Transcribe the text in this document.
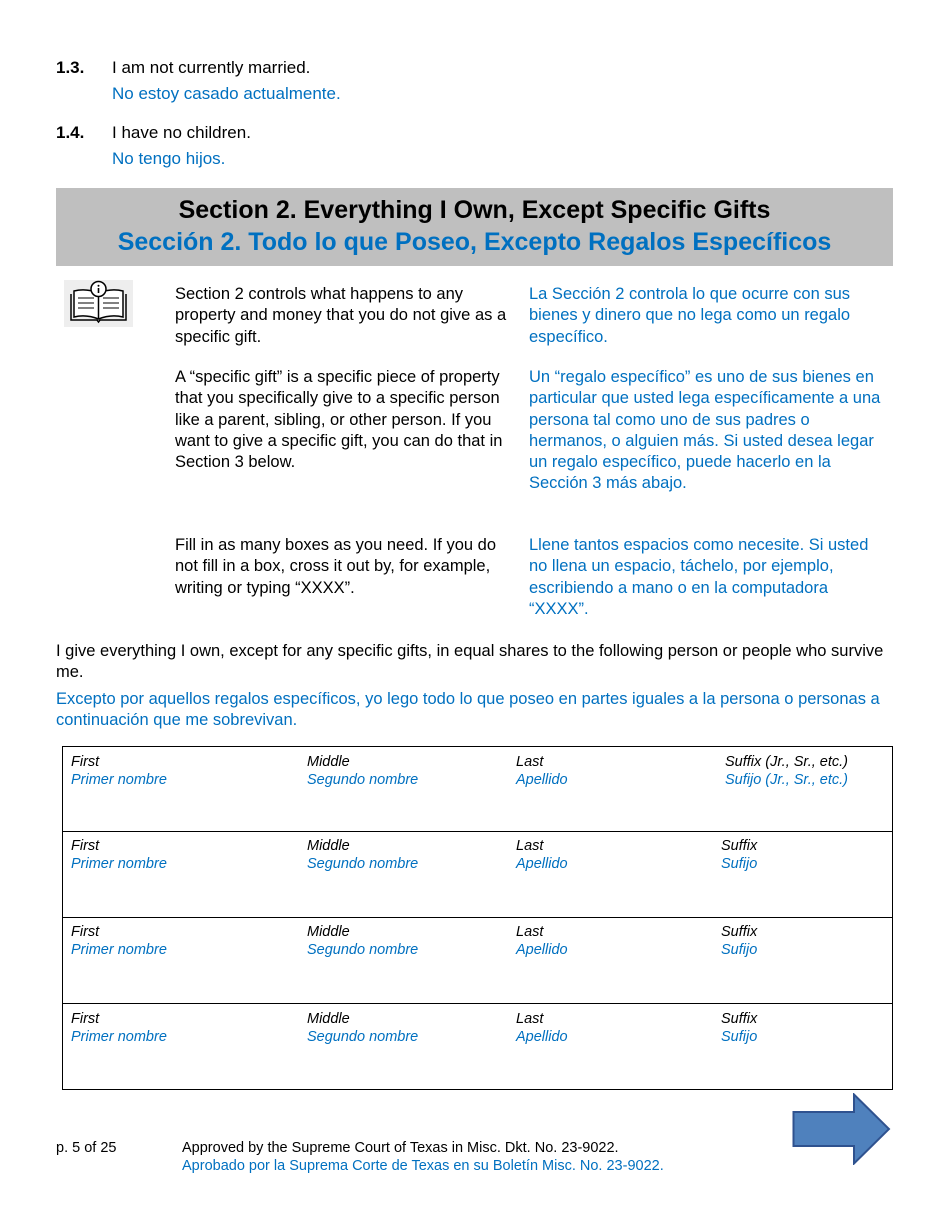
1.3. I am not currently married.
No estoy casado actualmente.
1.4. I have no children.
No tengo hijos.
Section 2. Everything I Own, Except Specific Gifts
Sección 2. Todo lo que Poseo, Excepto Regalos Específicos
Section 2 controls what happens to any property and money that you do not give as a specific gift.
La Sección 2 controla lo que ocurre con sus bienes y dinero que no lega como un regalo específico.
A “specific gift” is a specific piece of property that you specifically give to a specific person like a parent, sibling, or other person. If you want to give a specific gift, you can do that in Section 3 below.
Un “regalo específico” es uno de sus bienes en particular que usted lega específicamente a una persona tal como uno de sus padres o hermanos, o alguien más. Si usted desea legar un regalo específico, puede hacerlo en la Sección 3 más abajo.
Fill in as many boxes as you need. If you do not fill in a box, cross it out by, for example, writing or typing “XXXX”.
Llene tantos espacios como necesite. Si usted no llena un espacio, táchelo, por ejemplo, escribiendo a mano o en la computadora “XXXX”.
I give everything I own, except for any specific gifts, in equal shares to the following person or people who survive me.
Excepto por aquellos regalos específicos, yo lego todo lo que poseo en partes iguales a la persona o personas a continuación que me sobrevivan.
First
Primer nombre
Middle
Segundo nombre
Last
Apellido
Suffix (Jr., Sr., etc.)
Sufijo (Jr., Sr., etc.)
First
Primer nombre
Middle
Segundo nombre
Last
Apellido
Suffix
Sufijo
First
Primer nombre
Middle
Segundo nombre
Last
Apellido
Suffix
Sufijo
First
Primer nombre
Middle
Segundo nombre
Last
Apellido
Suffix
Sufijo
p. 5 of 25	Approved by the Supreme Court of Texas in Misc. Dkt. No. 23-9022.
Aprobado por la Suprema Corte de Texas en su Boletín Misc. No. 23-9022.
